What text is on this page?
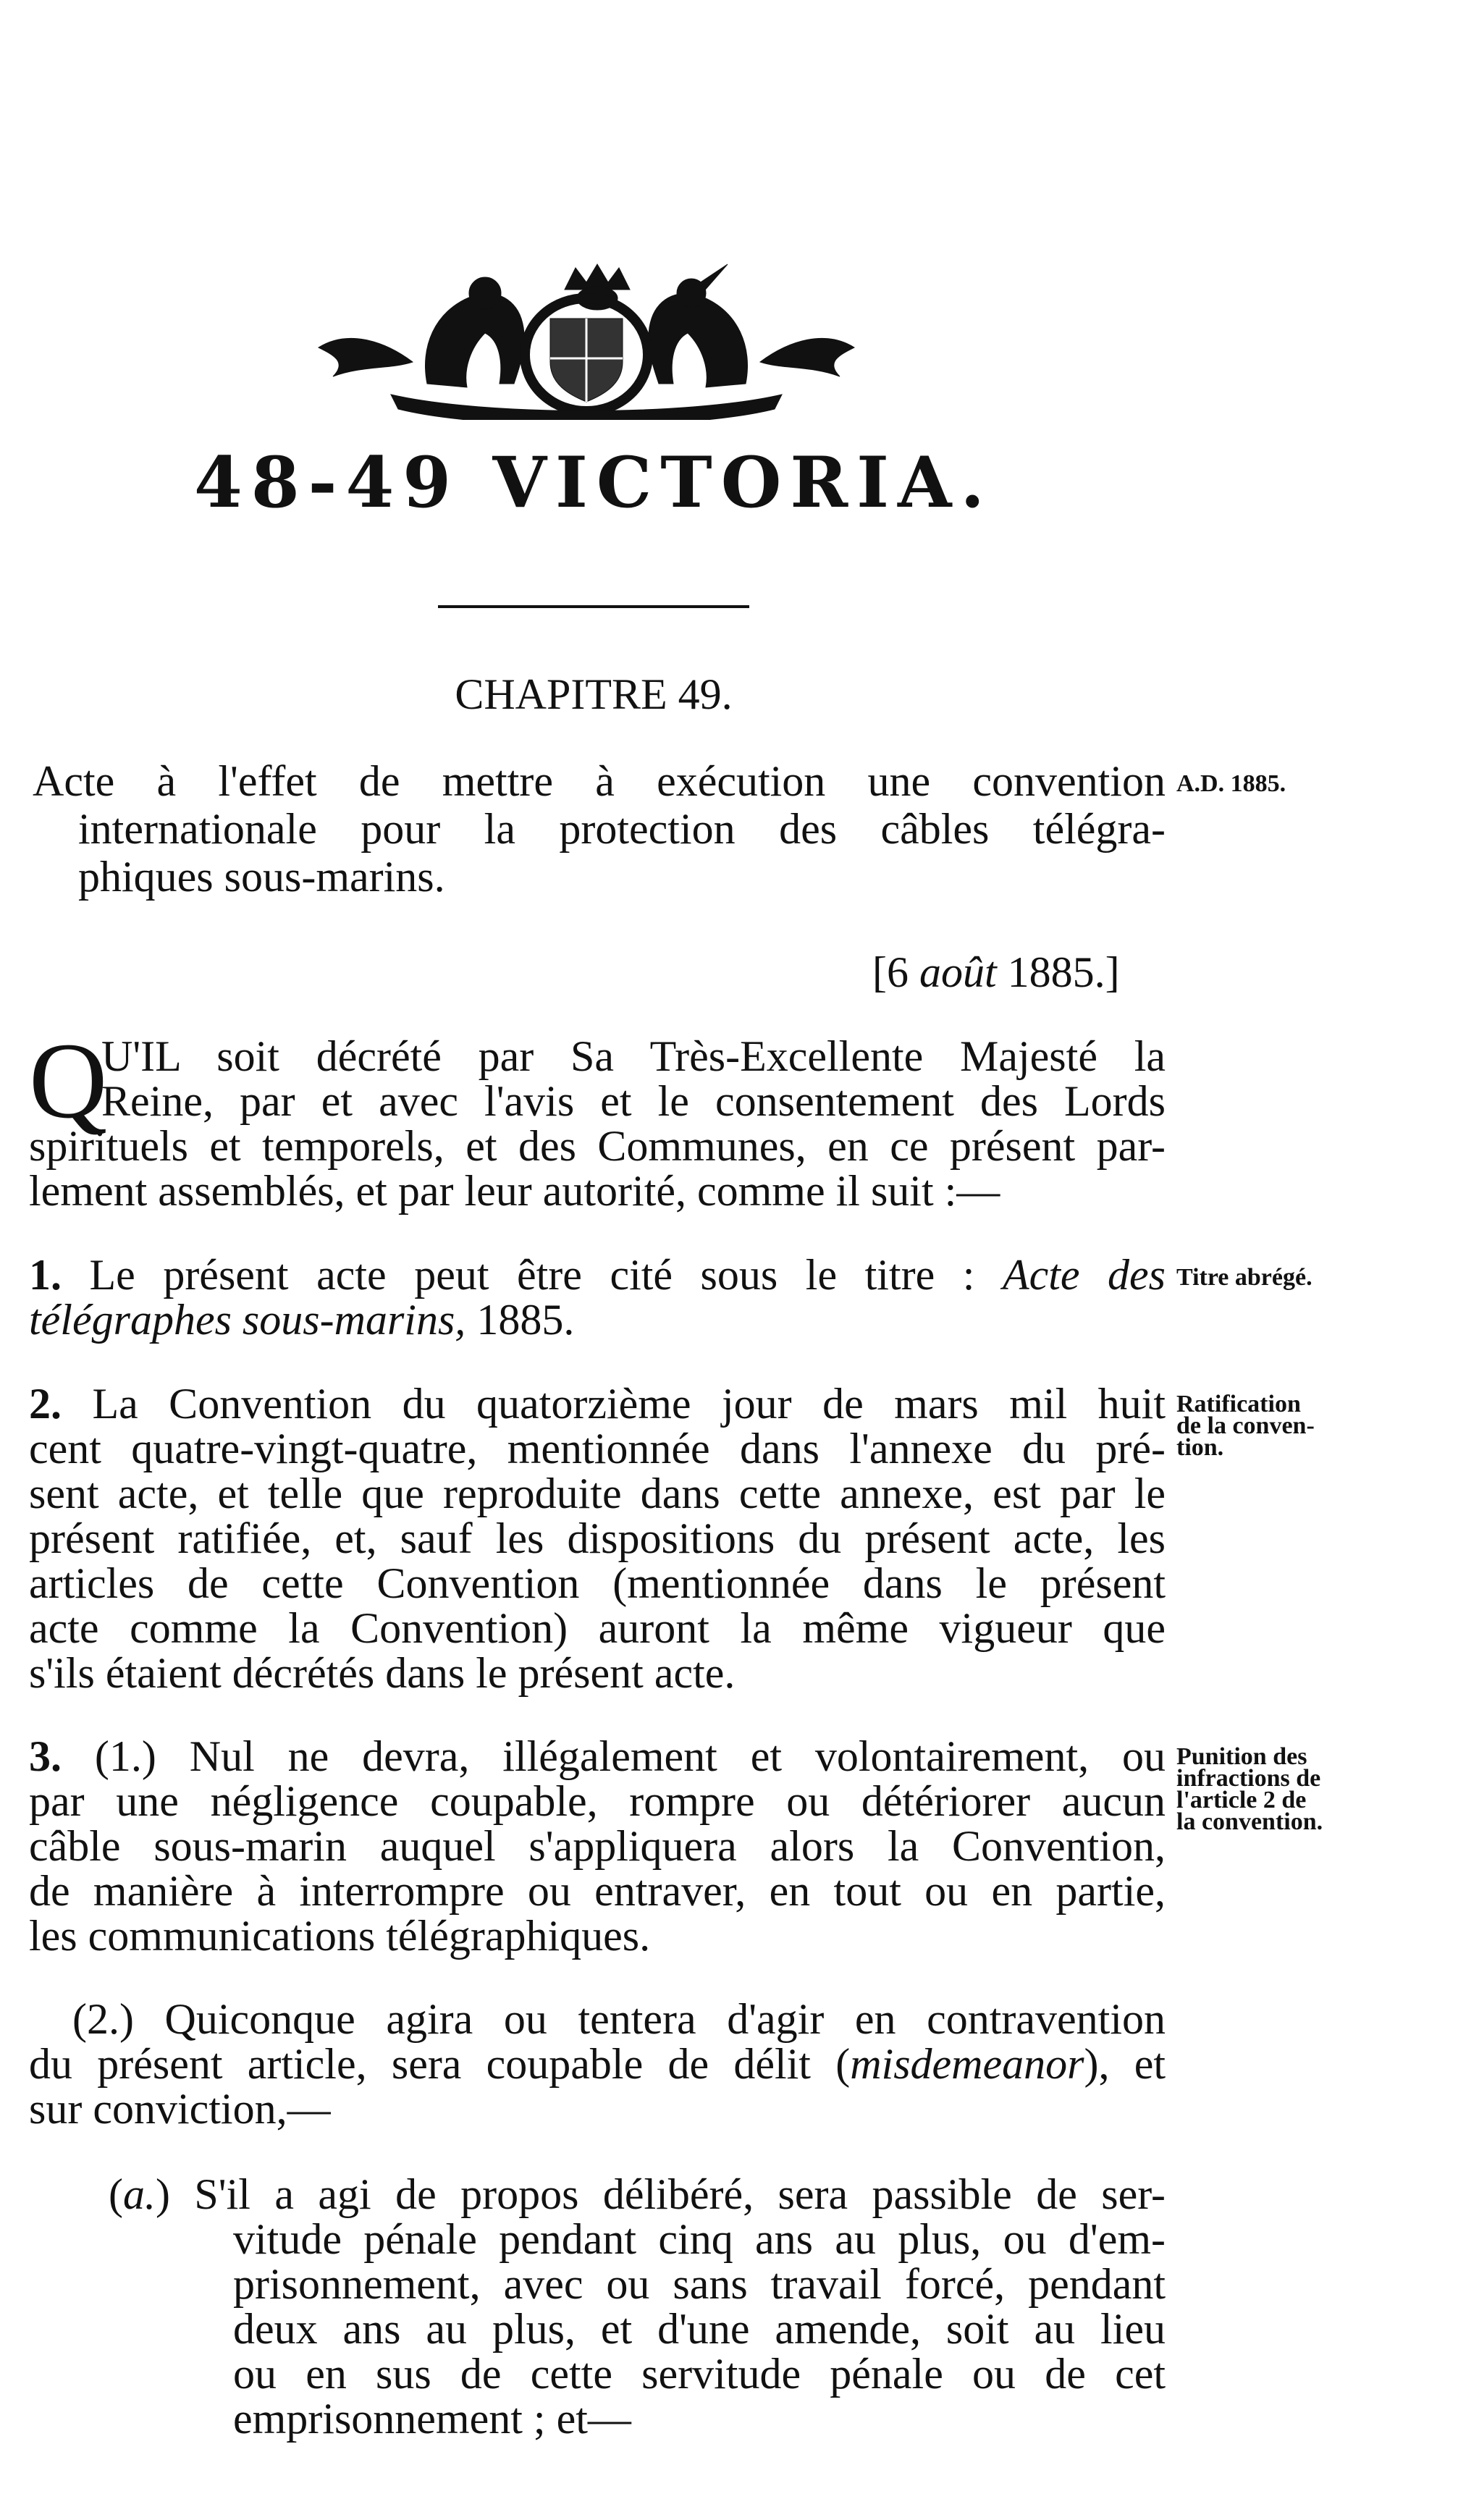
48-49 VICTORIA.
CHAPITRE 49.
Acte à l'effet de mettre à exécution une convention
internationale pour la protection des câbles télégra-
phiques sous-marins.
A.D. 1885.
[6 août 1885.]
Q
U'IL soit décrété par Sa Très-Excellente Majesté la
Reine, par et avec l'avis et le consentement des Lords
spirituels et temporels, et des Communes, en ce présent par-
lement assemblés, et par leur autorité, comme il suit :—
1. Le présent acte peut être cité sous le titre : Acte des
télégraphes sous-marins, 1885.
Titre abrégé.
2. La Convention du quatorzième jour de mars mil huit
cent quatre-vingt-quatre, mentionnée dans l'annexe du pré-
sent acte, et telle que reproduite dans cette annexe, est par le
présent ratifiée, et, sauf les dispositions du présent acte, les
articles de cette Convention (mentionnée dans le présent
acte comme la Convention) auront la même vigueur que
s'ils étaient décrétés dans le présent acte.
Ratification
de la conven-
tion.
3. (1.) Nul ne devra, illégalement et volontairement, ou
par une négligence coupable, rompre ou détériorer aucun
câble sous-marin auquel s'appliquera alors la Convention,
de manière à interrompre ou entraver, en tout ou en partie,
les communications télégraphiques.
Punition des
infractions de
l'article 2 de
la convention.
(2.) Quiconque agira ou tentera d'agir en contravention
du présent article, sera coupable de délit (misdemeanor), et
sur conviction,—
(a.) S'il a agi de propos délibéré, sera passible de ser-
vitude pénale pendant cinq ans au plus, ou d'em-
prisonnement, avec ou sans travail forcé, pendant
deux ans au plus, et d'une amende, soit au lieu
ou en sus de cette servitude pénale ou de cet
emprisonnement ; et—
